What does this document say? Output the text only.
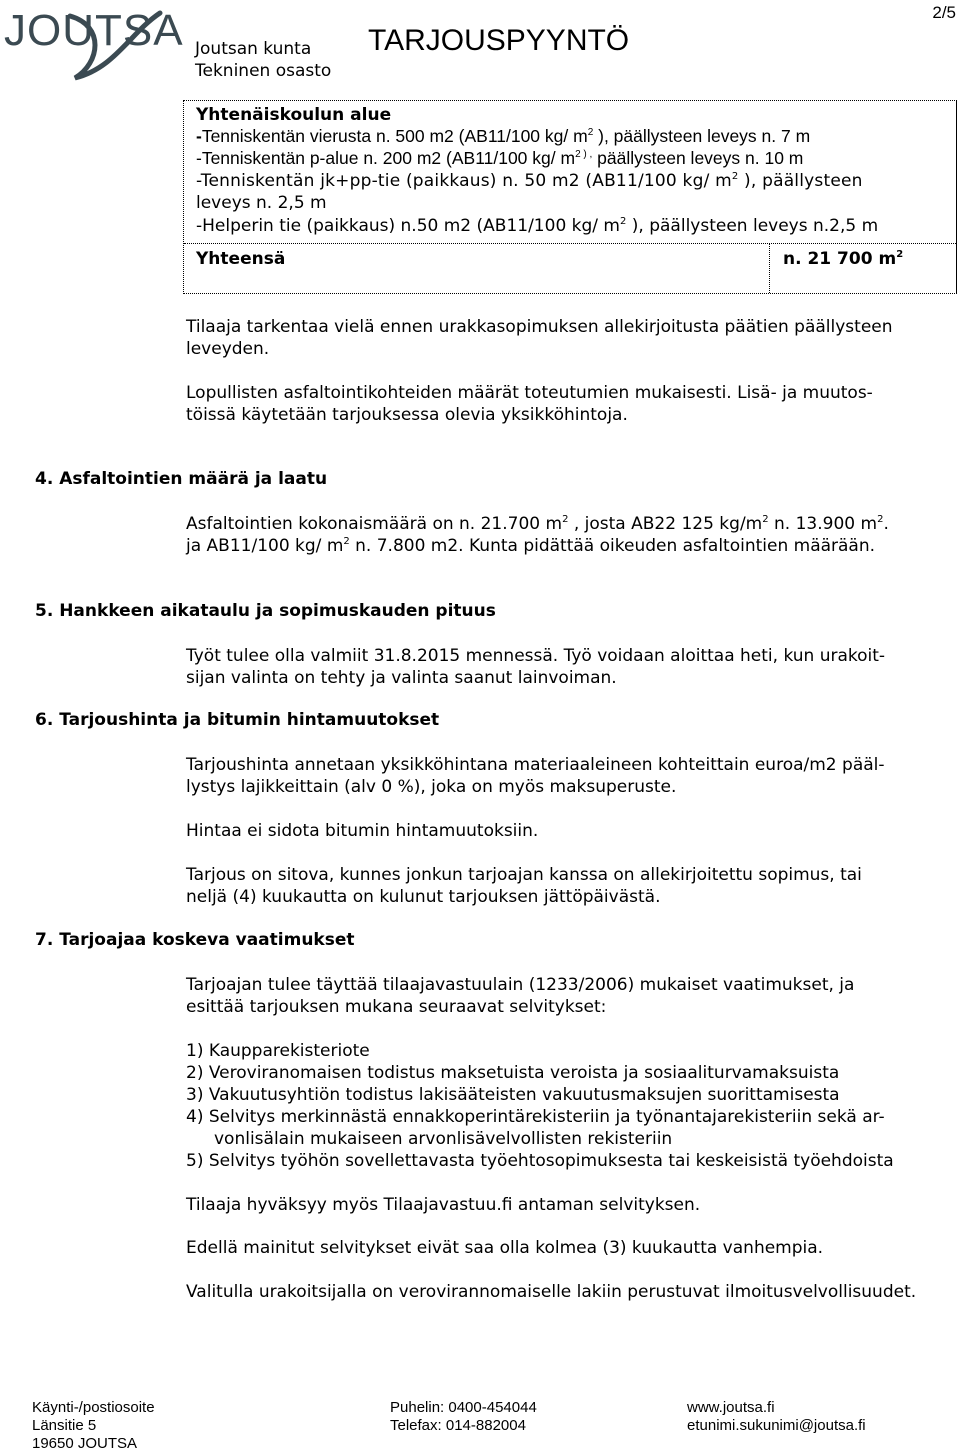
JOUTSA Joutsan kunta
Tekninen osasto
TARJOUSPYYNTÖ
2/5
Yhtenäiskoulun alue
-Tenniskentän vierusta n. 500 m2 (AB11/100 kg/ $m^2$ ), päällysteen leveys n. 7 m
-Tenniskentän p-alue n. 200 m2 (AB11/100 kg/ $m^{2 ) ,}$ päällysteen leveys n. 10 m
-Tenniskentän jk+pp-tie (paikkaus) n. 50 m2 (AB11/100 kg/ $m^2$ ), päällysteen
leveys n. 2,5 m
-Helperin tie (paikkaus) n.50 m2 (AB11/100 kg/ $m^2$ ), päällysteen leveys n.2,5 m
Yhteensä	n. 21 700 $m^2$
Tilaaja tarkentaa vielä ennen urakkasopimuksen allekirjoitusta päätien päällysteen
leveyden.
Lopullisten asfaltointikohteiden määrät toteutumien mukaisesti. Lisä- ja muutos-
töissä käytetään tarjouksessa olevia yksikköhintoja.
4. Asfaltointien määrä ja laatu
Asfaltointien kokonaismäärä on n. 21.700 $m^2$ , josta AB22 125 $kg/m^2$ n. 13.900 $m^2$.
ja AB11/100 kg/ $m^2$ n. 7.800 m2. Kunta pidättää oikeuden asfaltointien määrään.
5. Hankkeen aikataulu ja sopimuskauden pituus
Työt tulee olla valmiit 31.8.2015 mennessä. Työ voidaan aloittaa heti, kun urakoit-
sijan valinta on tehty ja valinta saanut lainvoiman.
6. Tarjoushinta ja bitumin hintamuutokset
Tarjoushinta annetaan yksikköhintana materiaaleineen kohteittain euroa/m2 pääl-
lystys lajikkeittain (alv 0 %), joka on myös maksuperuste.
Hintaa ei sidota bitumin hintamuutoksiin.
Tarjous on sitova, kunnes jonkun tarjoajan kanssa on allekirjoitettu sopimus, tai
neljä (4) kuukautta on kulunut tarjouksen jättöpäivästä.
7. Tarjoajaa koskeva vaatimukset
Tarjoajan tulee täyttää tilaajavastuulain (1233/2006) mukaiset vaatimukset, ja
esittää tarjouksen mukana seuraavat selvitykset:
1) Kaupparekisteriote
2) Veroviranomaisen todistus maksetuista veroista ja sosiaaliturvamaksuista
3) Vakuutusyhtiön todistus lakisääteisten vakuutusmaksujen suorittamisesta
4) Selvitys merkinnästä ennakkoperintärekisteriin ja työnantajarekisteriin sekä ar-
vonlisälain mukaiseen arvonlisävelvollisten rekisteriin
5) Selvitys työhön sovellettavasta työehtosopimuksesta tai keskeisistä työehdoista
Tilaaja hyväksyy myös Tilaajavastuu.fi antaman selvityksen.
Edellä mainitut selvitykset eivät saa olla kolmea (3) kuukautta vanhempia.
Valitulla urakoitsijalla on verovirannomaiselle lakiin perustuvat ilmoitusvelvollisuudet.
Käynti-/postiosoite
Länsitie 5
19650 JOUTSA
Puhelin: 0400-454044
Telefax: 014-882004
www.joutsa.fi
etunimi.sukunimi@joutsa.fi
